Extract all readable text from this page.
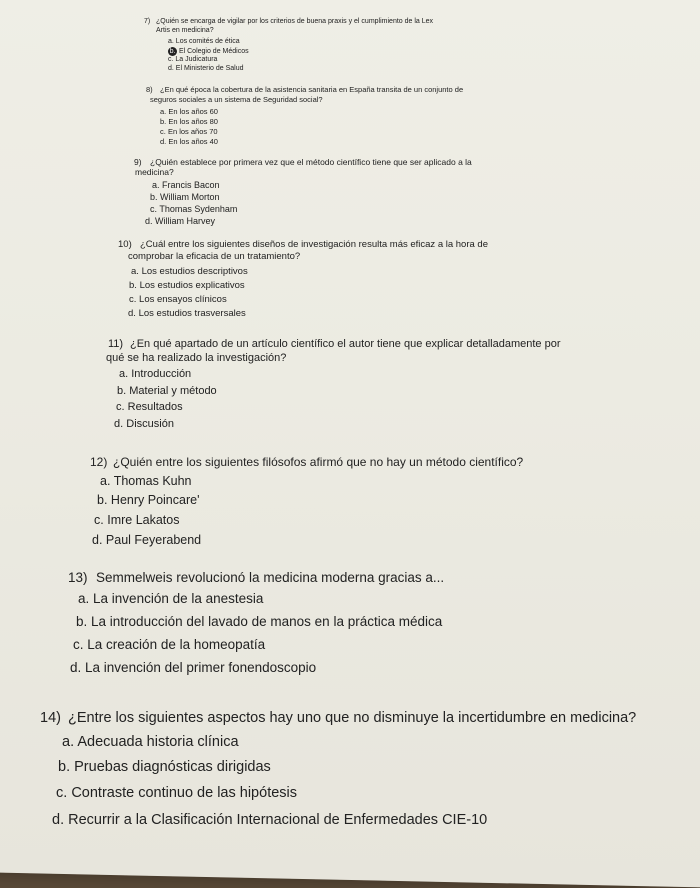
7) ¿Quién se encarga de vigilar por los criterios de buena praxis y el cumplimiento de la Lex

Artis en medicina?

a. Los comités de ética

b. El Colegio de Médicos

c. La Judicatura

d. El Ministerio de Salud

8) ¿En qué época la cobertura de la asistencia sanitaria en España transita de un conjunto de

seguros sociales a un sistema de Seguridad social?

a. En los años 60

b. En los años 80

c. En los años 70

d. En los años 40

9) ¿Quién establece por primera vez que el método científico tiene que ser aplicado a la

medicina?

a. Francis Bacon

b. William Morton

c. Thomas Sydenham

d. William Harvey

10) ¿Cuál entre los siguientes diseños de investigación resulta más eficaz a la hora de

comprobar la eficacia de un tratamiento?

a. Los estudios descriptivos

b. Los estudios explicativos

c. Los ensayos clínicos

d. Los estudios trasversales

11) ¿En qué apartado de un artículo científico el autor tiene que explicar detalladamente por

qué se ha realizado la investigación?

a. Introducción

b. Material y método

c. Resultados

d. Discusión

12) ¿Quién entre los siguientes filósofos afirmó que no hay un método científico?

a. Thomas Kuhn

b. Henry Poincare'

c. Imre Lakatos

d. Paul Feyerabend

13) Semmelweis revolucionó la medicina moderna gracias a...

a. La invención de la anestesia

b. La introducción del lavado de manos en la práctica médica

c. La creación de la homeopatía

d. La invención del primer fonendoscopio

14) ¿Entre los siguientes aspectos hay uno que no disminuye la incertidumbre en medicina?

a. Adecuada historia clínica

b. Pruebas diagnósticas dirigidas

c. Contraste continuo de las hipótesis

d. Recurrir a la Clasificación Internacional de Enfermedades CIE-10
